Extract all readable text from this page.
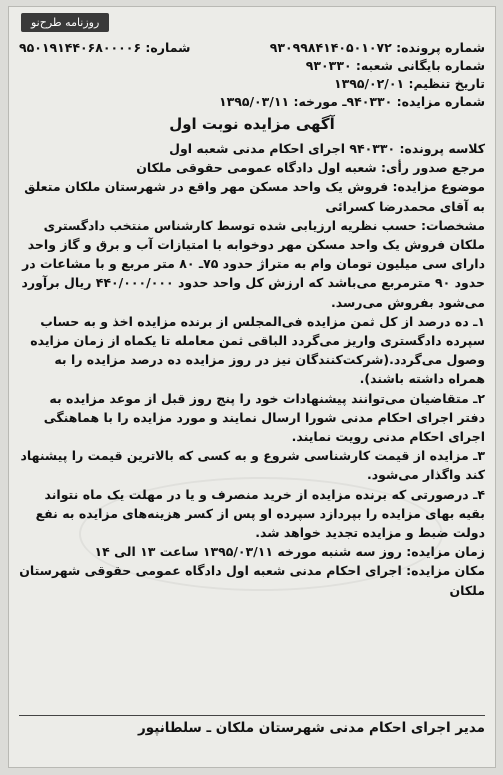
روزنامه طرح‌نو
شماره: ۹۵۰۱۹۱۴۴۰۶۸۰۰۰۰۶	شماره پرونده: ۹۳۰۹۹۸۴۱۴۰۵۰۱۰۷۲
شماره بایگانی شعبه: ۹۳۰۳۳۰
تاریخ تنظیم: ۱۳۹۵/۰۲/۰۱
شماره مزایده: ۹۴۰۳۳۰ـ مورخه: ۱۳۹۵/۰۳/۱۱
آگهی مزایده نوبت اول

کلاسه پرونده: ۹۴۰۳۳۰ اجرای احکام مدنی شعبه اول

مرجع صدور رأی: شعبه اول دادگاه عمومی حقوقی ملکان

موضوع مزایده: فروش یک واحد مسکن مهر واقع در شهرستان ملکان متعلق به آقای محمدرضا کسرائی

مشخصات: حسب نظریه ارزیابی شده توسط کارشناس منتخب دادگستری ملکان فروش یک واحد مسکن مهر دوخوابه با امتیازات آب و برق و گاز واحد دارای سی میلیون تومان وام به متراژ حدود ۷۵ـ ۸۰ متر مربع و با مشاعات در حدود ۹۰ مترمربع می‌باشد که ارزش کل واحد حدود ۴۴۰/۰۰۰/۰۰۰ ریال برآورد می‌شود بفروش می‌رسد.

۱ـ ده درصد از کل ثمن مزایده فی‌المجلس از برنده مزایده اخذ و به حساب سپرده دادگستری واریز می‌گردد الباقی ثمن معامله تا یکماه از زمان مزایده وصول می‌گردد.(شرکت‌کنندگان نیز در روز مزایده ده درصد مزایده را به همراه داشته باشند).

۲ـ متقاضیان می‌توانند پیشنهادات خود را پنج روز قبل از موعد مزایده به دفتر اجرای احکام مدنی شورا ارسال نمایند و مورد مزایده را با هماهنگی اجرای احکام مدنی رویت نمایند.

۳ـ مزایده از قیمت کارشناسی شروع و به کسی که بالاترین قیمت را پیشنهاد کند واگذار می‌شود.

۴ـ درصورتی که برنده مزایده از خرید منصرف و یا در مهلت یک ماه نتواند بقیه بهای مزایده را بپردازد سپرده او پس از کسر هزینه‌های مزایده به نفع دولت ضبط و مزایده تجدید خواهد شد.

زمان مزایده: روز سه شنبه مورخه ۱۳۹۵/۰۳/۱۱ ساعت ۱۳ الی ۱۴

مکان مزایده: اجرای احکام مدنی شعبه اول دادگاه عمومی حقوقی شهرستان ملکان

مدیر اجرای احکام مدنی شهرستان ملکان ـ سلطانپور
